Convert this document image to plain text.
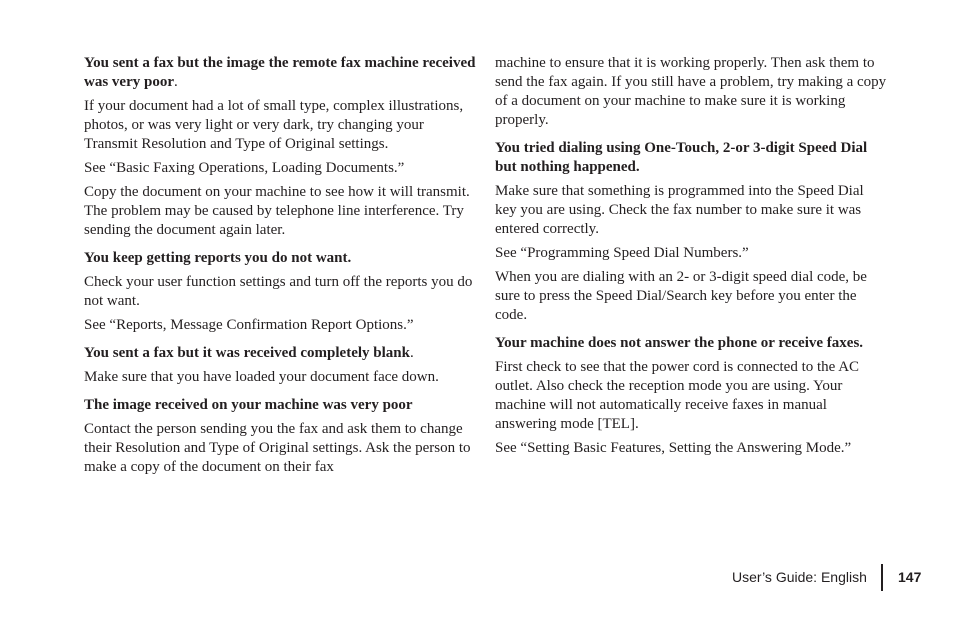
You sent a fax but the image the remote fax machine received was very poor.

If your document had a lot of small type, complex illustrations, photos, or was very light or very dark, try changing your Transmit Resolution and Type of Original settings.

See “Basic Faxing Operations, Loading Documents.”

Copy the document on your machine to see how it will transmit. The problem may be caused by telephone line interference. Try sending the document again later.

You keep getting reports you do not want.

Check your user function settings and turn off the reports you do not want.

See “Reports, Message Confirmation Report Options.”

You sent a fax but it was received completely blank.

Make sure that you have loaded your document face down.

The image received on your machine was very poor

Contact the person sending you the fax and ask them to change their Resolution and Type of Original settings. Ask the person to make a copy of the document on their fax

machine to ensure that it is working properly. Then ask them to send the fax again. If you still have a problem, try making a copy of a document on your machine to make sure it is working properly.

You tried dialing using One-Touch, 2-or 3-digit Speed Dial but nothing happened.

Make sure that something is programmed into the Speed Dial key you are using. Check the fax number to make sure it was entered correctly.

See “Programming Speed Dial Numbers.”

When you are dialing with an 2- or 3-digit speed dial code, be sure to press the Speed Dial/Search key before you enter the code.

Your machine does not answer the phone or receive faxes.

First check to see that the power cord is connected to the AC outlet. Also check the reception mode you are using. Your machine will not automatically receive faxes in manual answering mode [TEL].

See “Setting Basic Features, Setting the Answering Mode.”

User’s Guide: English 147
